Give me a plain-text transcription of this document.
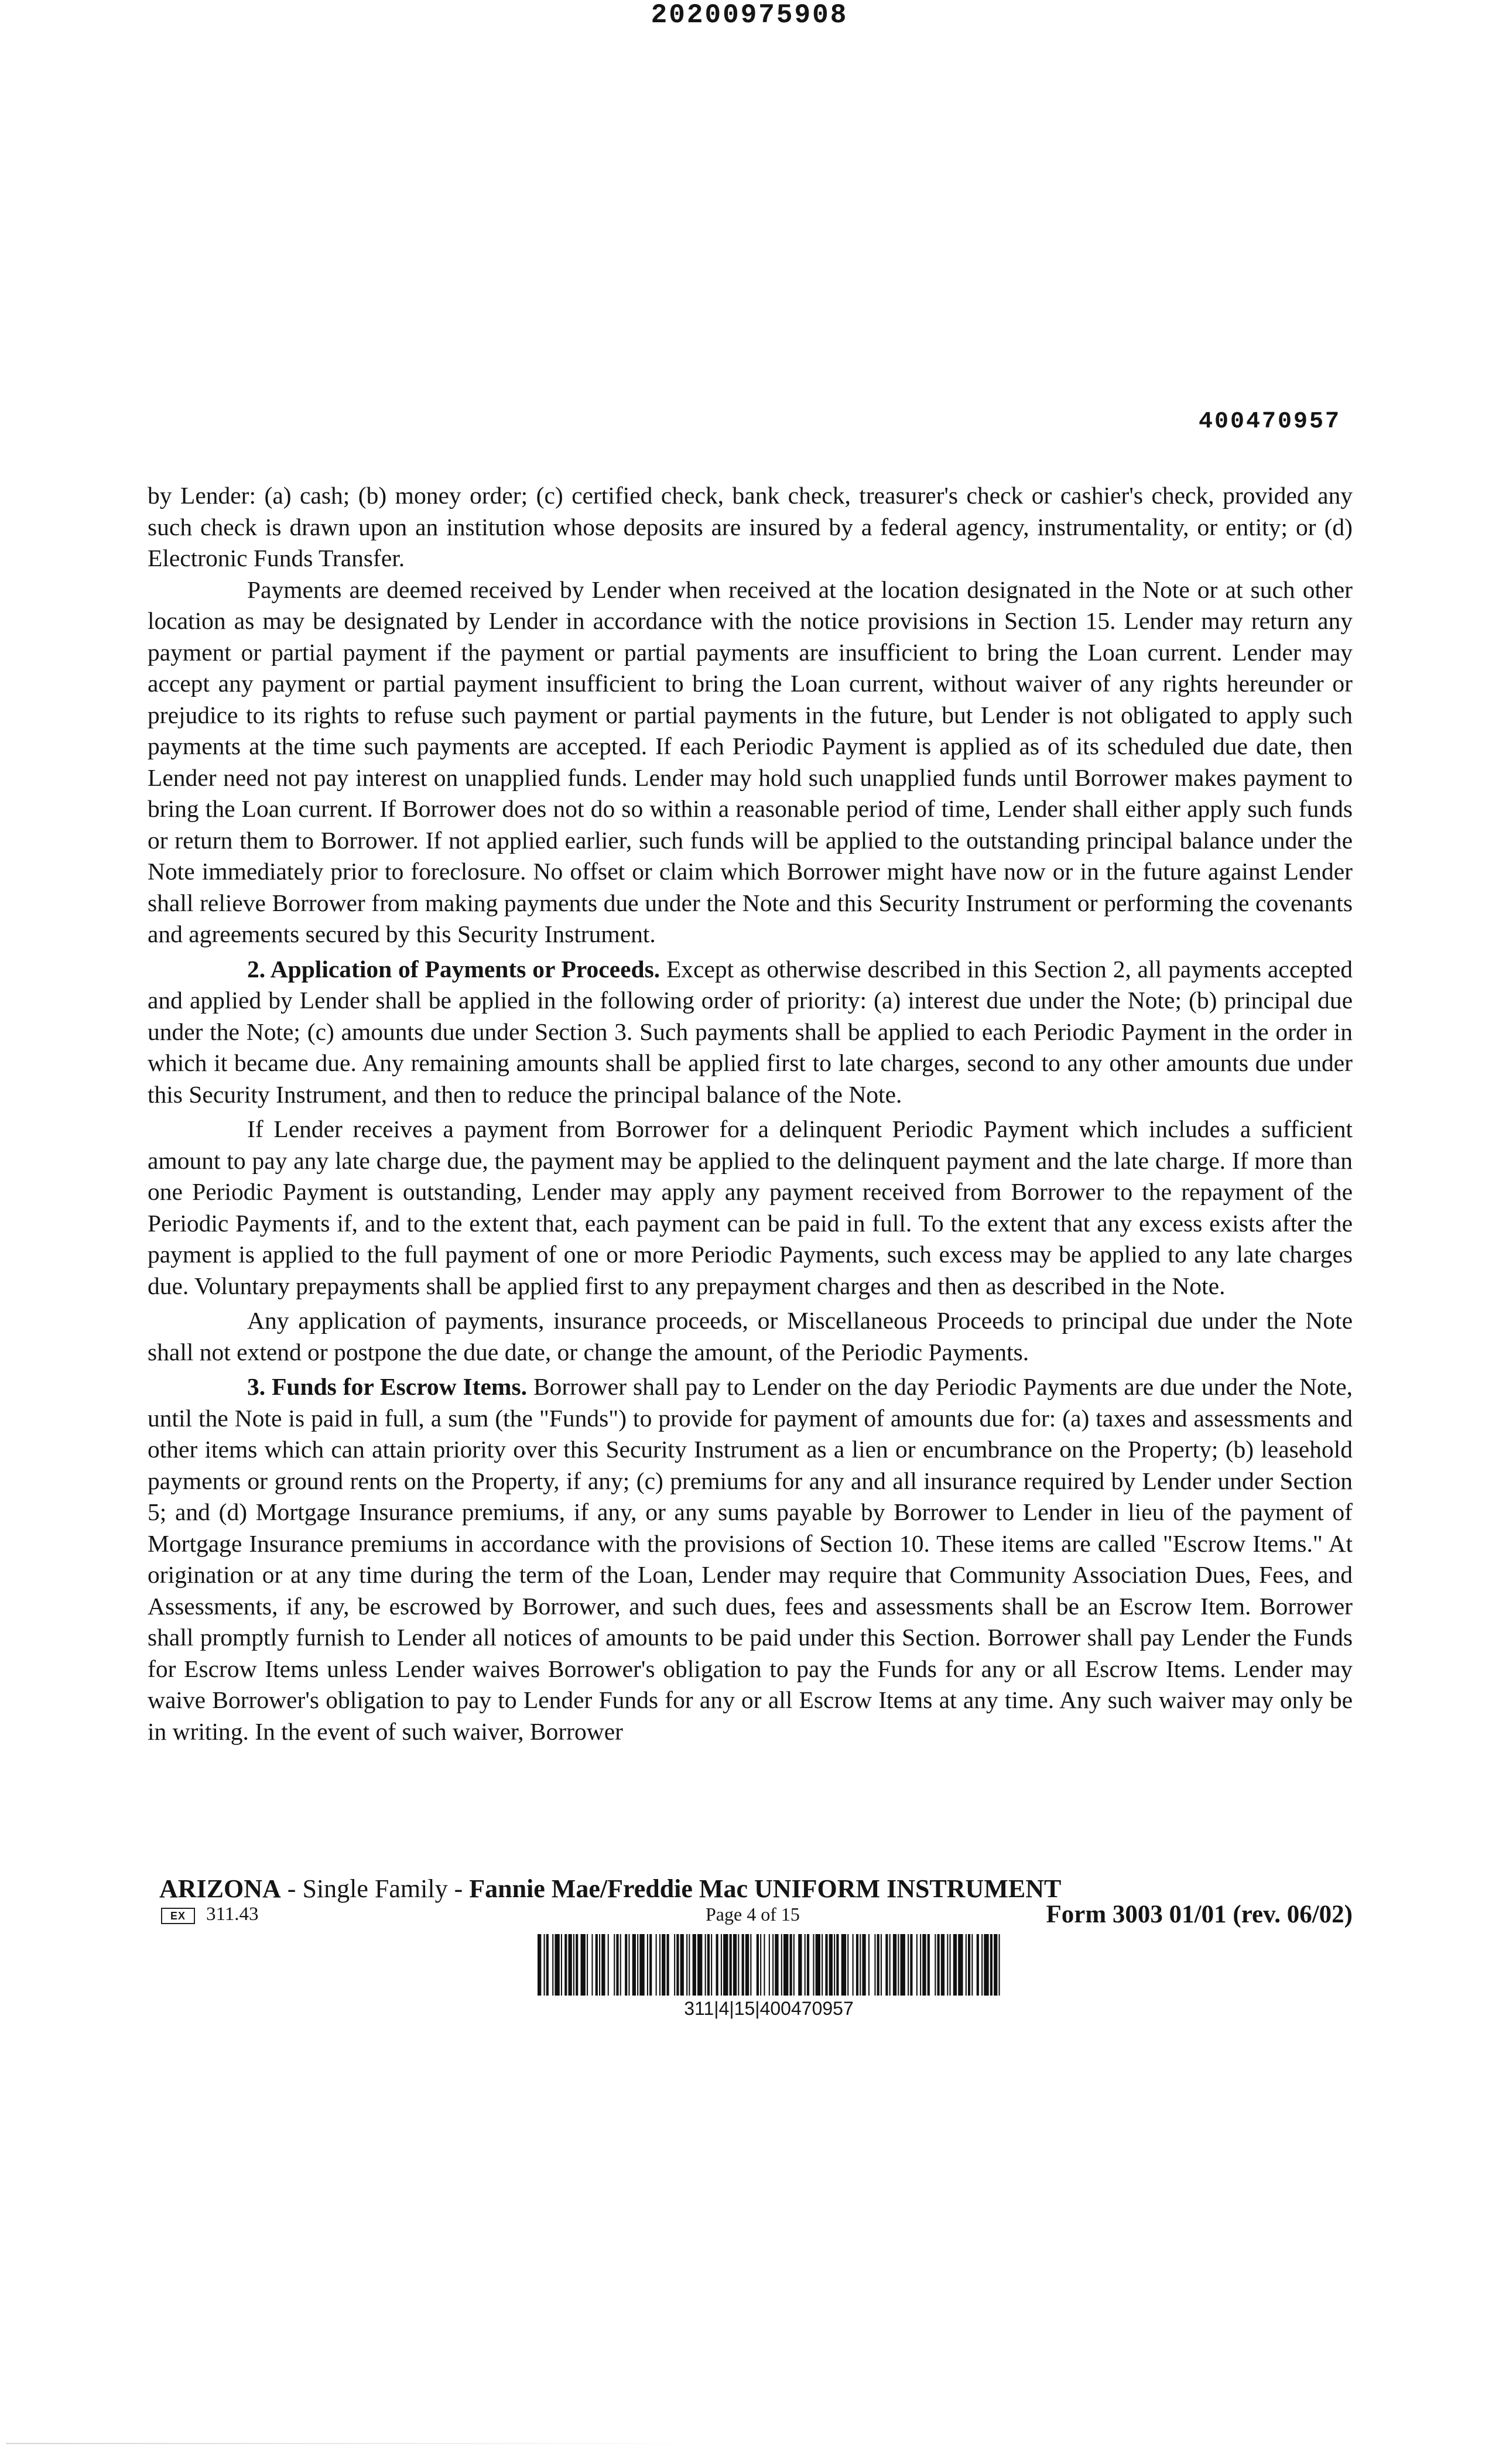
20200975908
400470957

by Lender: (a) cash; (b) money order; (c) certified check, bank check, treasurer's check or cashier's check, provided any such check is drawn upon an institution whose deposits are insured by a federal agency, instrumentality, or entity; or (d) Electronic Funds Transfer.

Payments are deemed received by Lender when received at the location designated in the Note or at such other location as may be designated by Lender in accordance with the notice provisions in Section 15. Lender may return any payment or partial payment if the payment or partial payments are insufficient to bring the Loan current. Lender may accept any payment or partial payment insufficient to bring the Loan current, without waiver of any rights hereunder or prejudice to its rights to refuse such payment or partial payments in the future, but Lender is not obligated to apply such payments at the time such payments are accepted. If each Periodic Payment is applied as of its scheduled due date, then Lender need not pay interest on unapplied funds. Lender may hold such unapplied funds until Borrower makes payment to bring the Loan current. If Borrower does not do so within a reasonable period of time, Lender shall either apply such funds or return them to Borrower. If not applied earlier, such funds will be applied to the outstanding principal balance under the Note immediately prior to foreclosure. No offset or claim which Borrower might have now or in the future against Lender shall relieve Borrower from making payments due under the Note and this Security Instrument or performing the covenants and agreements secured by this Security Instrument.

2. Application of Payments or Proceeds. Except as otherwise described in this Section 2, all payments accepted and applied by Lender shall be applied in the following order of priority: (a) interest due under the Note; (b) principal due under the Note; (c) amounts due under Section 3. Such payments shall be applied to each Periodic Payment in the order in which it became due. Any remaining amounts shall be applied first to late charges, second to any other amounts due under this Security Instrument, and then to reduce the principal balance of the Note.

If Lender receives a payment from Borrower for a delinquent Periodic Payment which includes a sufficient amount to pay any late charge due, the payment may be applied to the delinquent payment and the late charge. If more than one Periodic Payment is outstanding, Lender may apply any payment received from Borrower to the repayment of the Periodic Payments if, and to the extent that, each payment can be paid in full. To the extent that any excess exists after the payment is applied to the full payment of one or more Periodic Payments, such excess may be applied to any late charges due. Voluntary prepayments shall be applied first to any prepayment charges and then as described in the Note.

Any application of payments, insurance proceeds, or Miscellaneous Proceeds to principal due under the Note shall not extend or postpone the due date, or change the amount, of the Periodic Payments.

3. Funds for Escrow Items. Borrower shall pay to Lender on the day Periodic Payments are due under the Note, until the Note is paid in full, a sum (the "Funds") to provide for payment of amounts due for: (a) taxes and assessments and other items which can attain priority over this Security Instrument as a lien or encumbrance on the Property; (b) leasehold payments or ground rents on the Property, if any; (c) premiums for any and all insurance required by Lender under Section 5; and (d) Mortgage Insurance premiums, if any, or any sums payable by Borrower to Lender in lieu of the payment of Mortgage Insurance premiums in accordance with the provisions of Section 10. These items are called "Escrow Items." At origination or at any time during the term of the Loan, Lender may require that Community Association Dues, Fees, and Assessments, if any, be escrowed by Borrower, and such dues, fees and assessments shall be an Escrow Item. Borrower shall promptly furnish to Lender all notices of amounts to be paid under this Section. Borrower shall pay Lender the Funds for Escrow Items unless Lender waives Borrower's obligation to pay the Funds for any or all Escrow Items. Lender may waive Borrower's obligation to pay to Lender Funds for any or all Escrow Items at any time. Any such waiver may only be in writing. In the event of such waiver, Borrower

ARIZONA - Single Family - Fannie Mae/Freddie Mac UNIFORM INSTRUMENT
EX	311.43	Page 4 of 15	Form 3003 01/01 (rev. 06/02)
311|4|15|400470957
